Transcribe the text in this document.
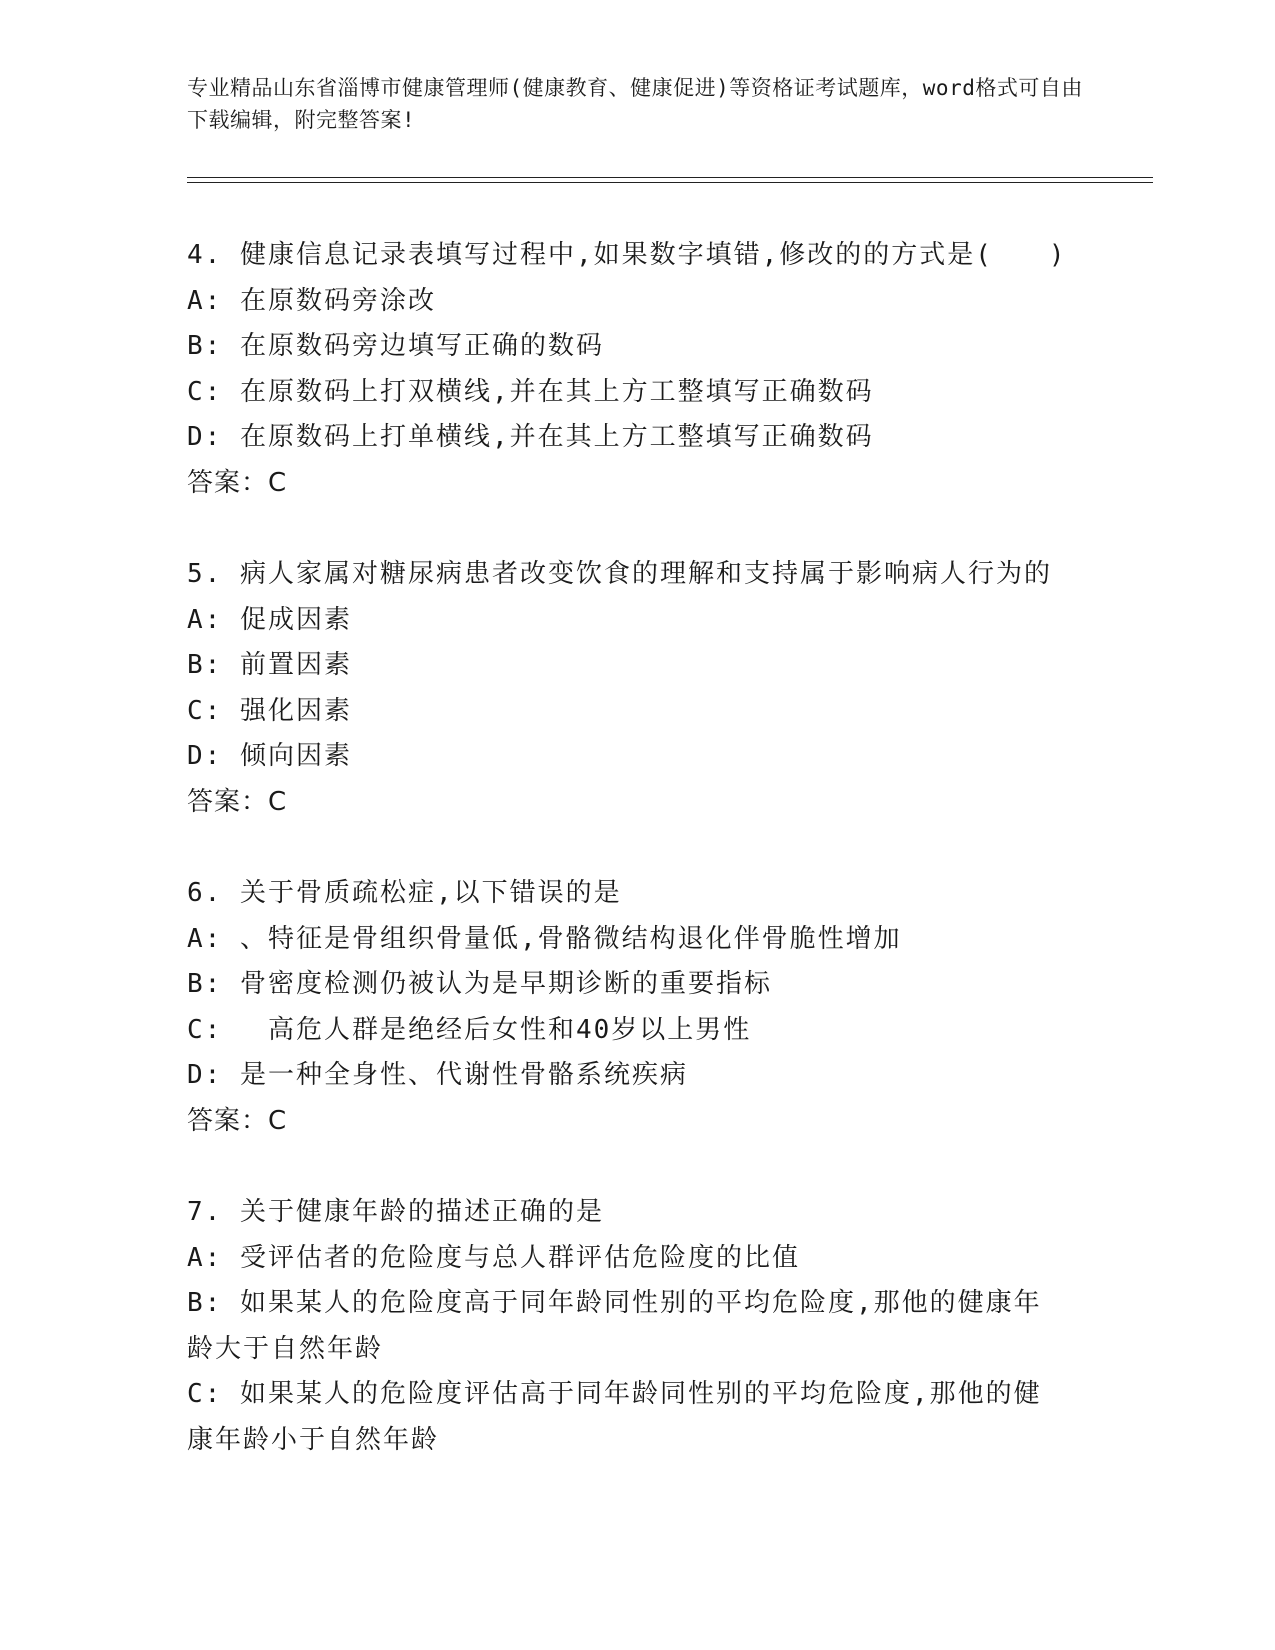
专业精品山东省淄博市健康管理师(健康教育、健康促进)等资格证考试题库，word格式可自由下载编辑，附完整答案!
4. 健康信息记录表填写过程中,如果数字填错,修改的的方式是(　　)
A: 在原数码旁涂改
B: 在原数码旁边填写正确的数码
C: 在原数码上打双横线,并在其上方工整填写正确数码
D: 在原数码上打单横线,并在其上方工整填写正确数码
答案：C
5. 病人家属对糖尿病患者改变饮食的理解和支持属于影响病人行为的
A: 促成因素
B: 前置因素
C: 强化因素
D: 倾向因素
答案：C
6. 关于骨质疏松症,以下错误的是
A: 、特征是骨组织骨量低,骨骼微结构退化伴骨脆性增加
B: 骨密度检测仍被认为是早期诊断的重要指标
C: 　高危人群是绝经后女性和40岁以上男性
D: 是一种全身性、代谢性骨骼系统疾病
答案：C
7. 关于健康年龄的描述正确的是
A: 受评估者的危险度与总人群评估危险度的比值
B: 如果某人的危险度高于同年龄同性别的平均危险度,那他的健康年龄大于自然年龄
C: 如果某人的危险度评估高于同年龄同性别的平均危险度,那他的健康年龄小于自然年龄
